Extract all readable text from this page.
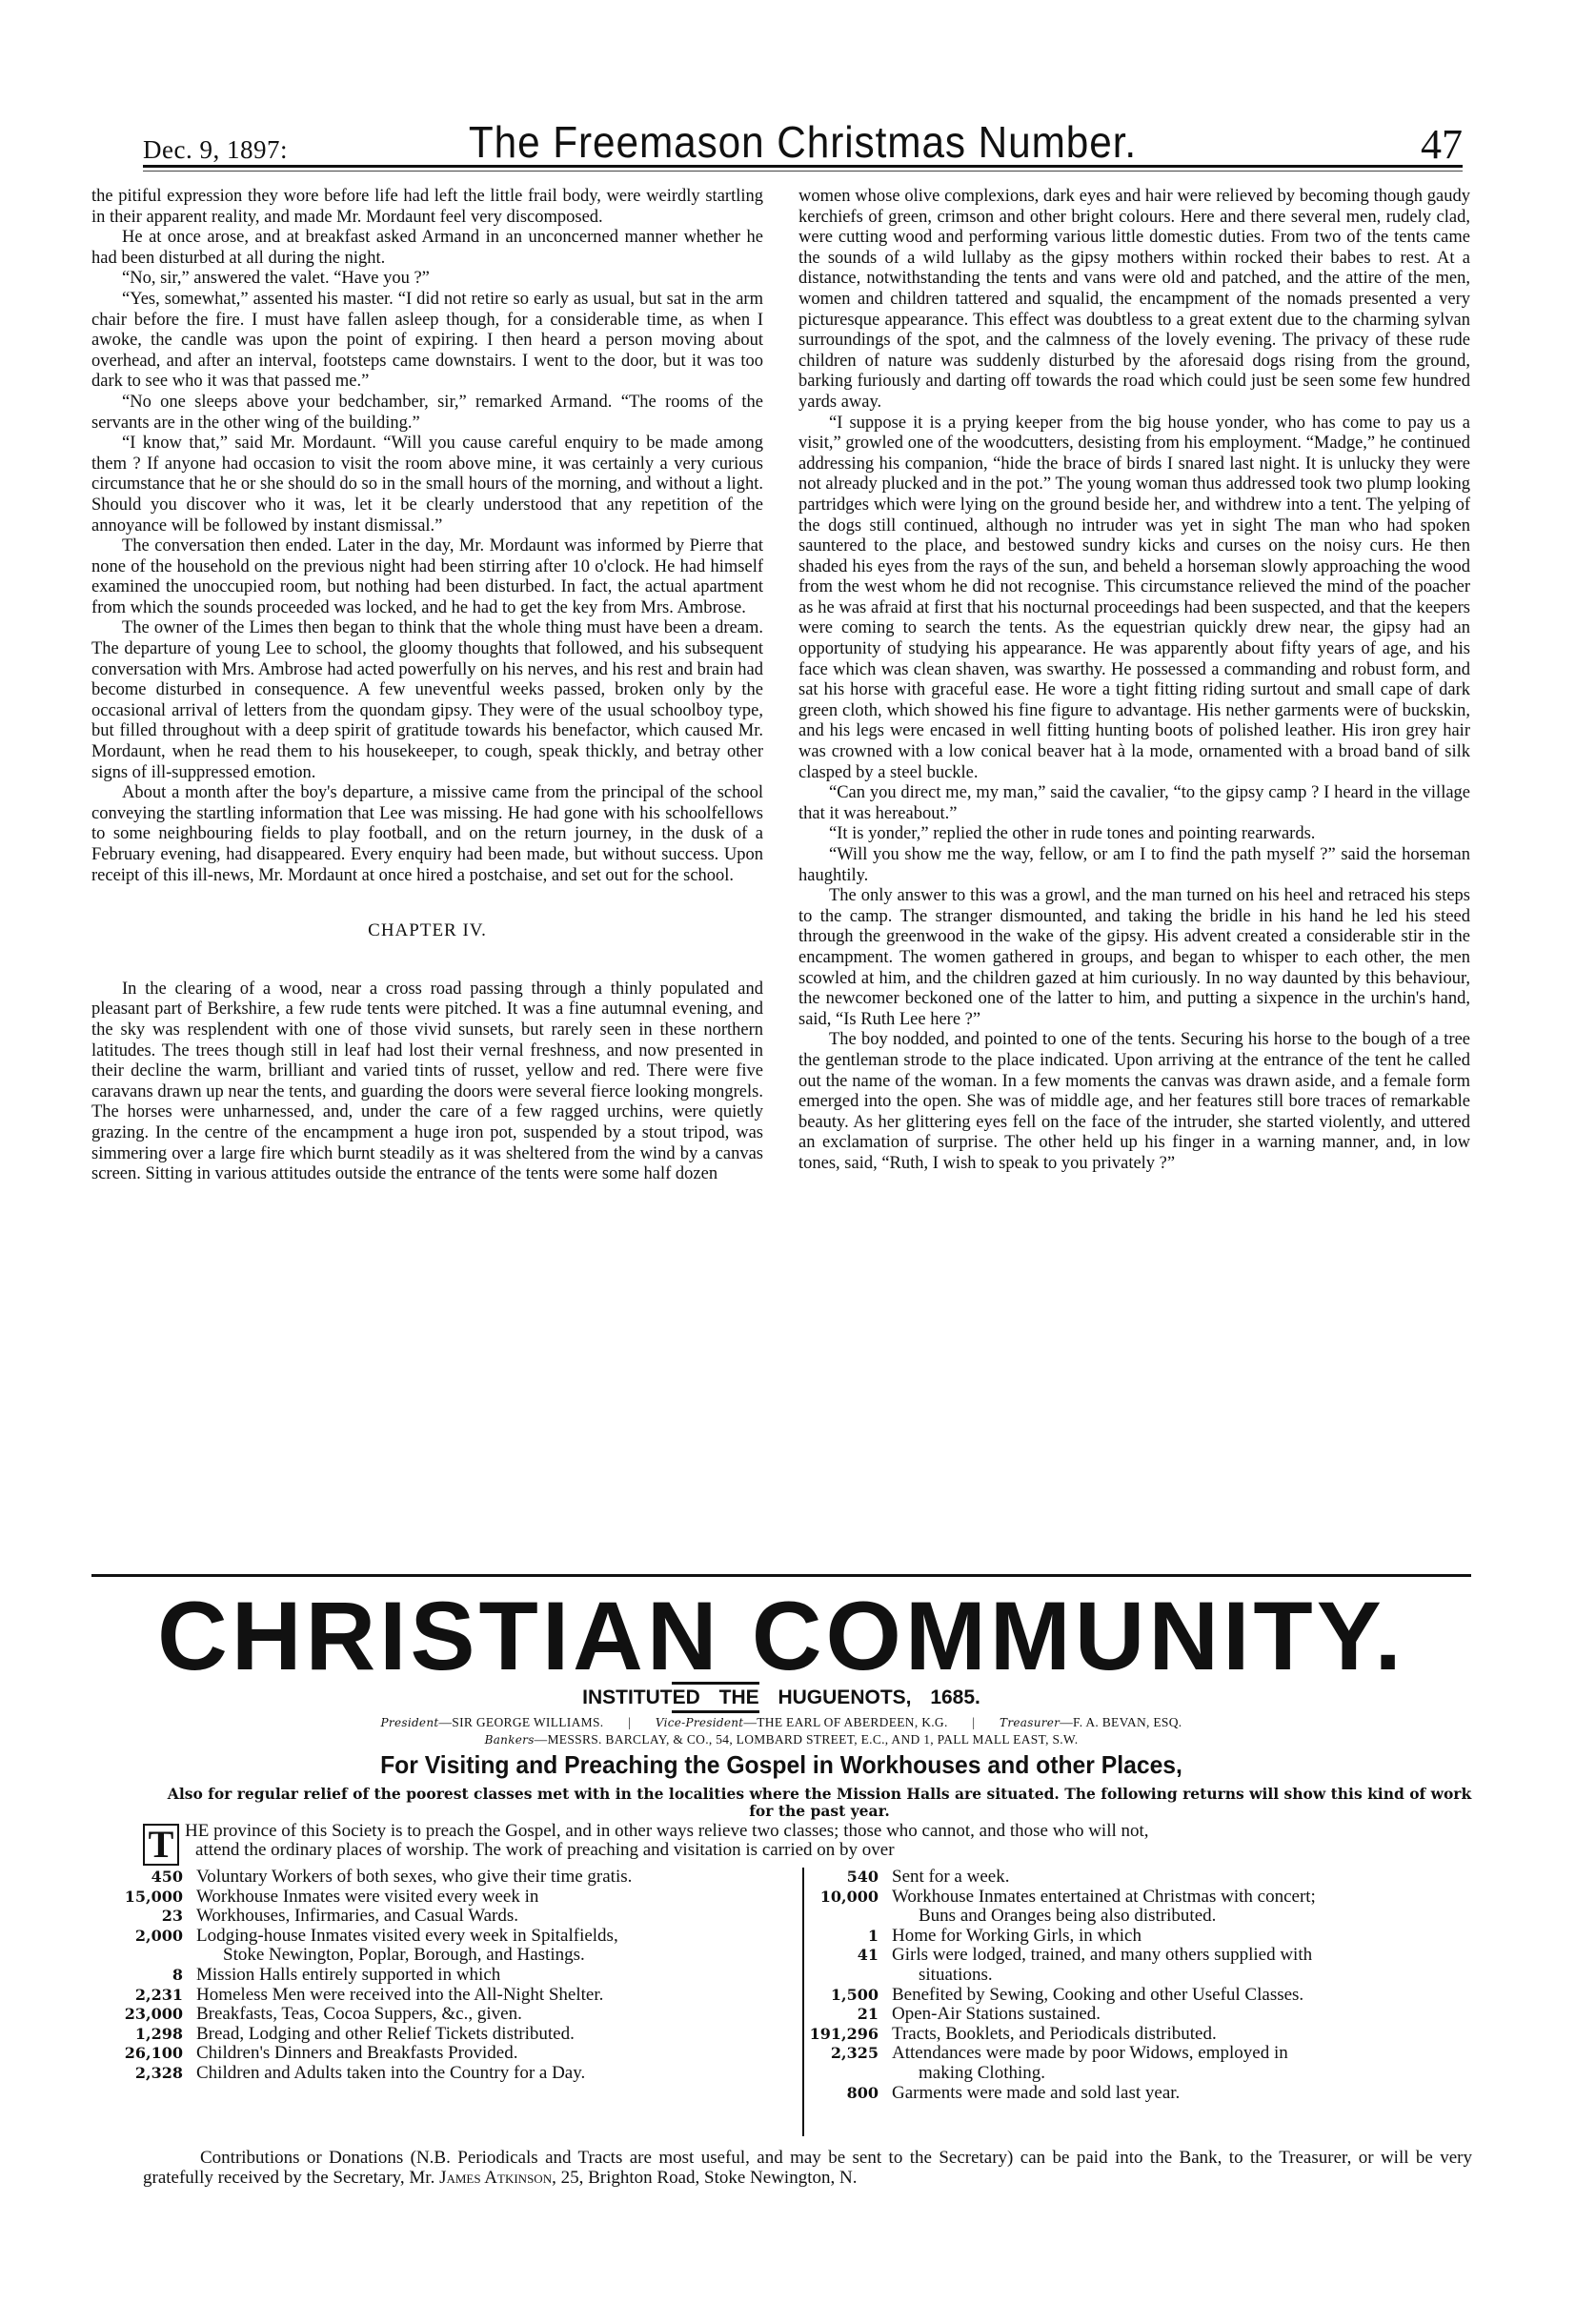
Dec. 9, 1897:	The Freemason Christmas Number.	47

the pitiful expression they wore before life had left the little frail body, were weirdly startling in their apparent reality, and made Mr. Mordaunt feel very discomposed.

He at once arose, and at breakfast asked Armand in an unconcerned manner whether he had been disturbed at all during the night.

“No, sir,” answered the valet. “Have you ?”

“Yes, somewhat,” assented his master. “I did not retire so early as usual, but sat in the arm chair before the fire. I must have fallen asleep though, for a considerable time, as when I awoke, the candle was upon the point of expiring. I then heard a person moving about overhead, and after an interval, footsteps came downstairs. I went to the door, but it was too dark to see who it was that passed me.”

“No one sleeps above your bedchamber, sir,” remarked Armand. “The rooms of the servants are in the other wing of the building.”

“I know that,” said Mr. Mordaunt. “Will you cause careful enquiry to be made among them ? If anyone had occasion to visit the room above mine, it was certainly a very curious circumstance that he or she should do so in the small hours of the morning, and without a light. Should you discover who it was, let it be clearly understood that any repetition of the annoyance will be followed by instant dismissal.”

The conversation then ended. Later in the day, Mr. Mordaunt was informed by Pierre that none of the household on the previous night had been stirring after 10 o'clock. He had himself examined the unoccupied room, but nothing had been disturbed. In fact, the actual apartment from which the sounds proceeded was locked, and he had to get the key from Mrs. Ambrose.

The owner of the Limes then began to think that the whole thing must have been a dream. The departure of young Lee to school, the gloomy thoughts that followed, and his subsequent conversation with Mrs. Ambrose had acted powerfully on his nerves, and his rest and brain had become disturbed in consequence. A few uneventful weeks passed, broken only by the occasional arrival of letters from the quondam gipsy. They were of the usual schoolboy type, but filled throughout with a deep spirit of gratitude towards his benefactor, which caused Mr. Mordaunt, when he read them to his housekeeper, to cough, speak thickly, and betray other signs of ill-suppressed emotion.

About a month after the boy's departure, a missive came from the principal of the school conveying the startling information that Lee was missing. He had gone with his schoolfellows to some neighbouring fields to play football, and on the return journey, in the dusk of a February evening, had disappeared. Every enquiry had been made, but without success. Upon receipt of this ill-news, Mr. Mordaunt at once hired a postchaise, and set out for the school.

CHAPTER IV.

In the clearing of a wood, near a cross road passing through a thinly populated and pleasant part of Berkshire, a few rude tents were pitched. It was a fine autumnal evening, and the sky was resplendent with one of those vivid sunsets, but rarely seen in these northern latitudes. The trees though still in leaf had lost their vernal freshness, and now presented in their decline the warm, brilliant and varied tints of russet, yellow and red. There were five caravans drawn up near the tents, and guarding the doors were several fierce looking mongrels. The horses were unharnessed, and, under the care of a few ragged urchins, were quietly grazing. In the centre of the encampment a huge iron pot, suspended by a stout tripod, was simmering over a large fire which burnt steadily as it was sheltered from the wind by a canvas screen. Sitting in various attitudes outside the entrance of the tents were some half dozen

women whose olive complexions, dark eyes and hair were relieved by becoming though gaudy kerchiefs of green, crimson and other bright colours. Here and there several men, rudely clad, were cutting wood and performing various little domestic duties. From two of the tents came the sounds of a wild lullaby as the gipsy mothers within rocked their babes to rest. At a distance, notwithstanding the tents and vans were old and patched, and the attire of the men, women and children tattered and squalid, the encampment of the nomads presented a very picturesque appearance. This effect was doubtless to a great extent due to the charming sylvan surroundings of the spot, and the calmness of the lovely evening. The privacy of these rude children of nature was suddenly disturbed by the aforesaid dogs rising from the ground, barking furiously and darting off towards the road which could just be seen some few hundred yards away.

“I suppose it is a prying keeper from the big house yonder, who has come to pay us a visit,” growled one of the woodcutters, desisting from his employment. “Madge,” he continued addressing his companion, “hide the brace of birds I snared last night. It is unlucky they were not already plucked and in the pot.” The young woman thus addressed took two plump looking partridges which were lying on the ground beside her, and withdrew into a tent. The yelping of the dogs still continued, although no intruder was yet in sight The man who had spoken sauntered to the place, and bestowed sundry kicks and curses on the noisy curs. He then shaded his eyes from the rays of the sun, and beheld a horseman slowly approaching the wood from the west whom he did not recognise. This circumstance relieved the mind of the poacher as he was afraid at first that his nocturnal proceedings had been suspected, and that the keepers were coming to search the tents. As the equestrian quickly drew near, the gipsy had an opportunity of studying his appearance. He was apparently about fifty years of age, and his face which was clean shaven, was swarthy. He possessed a commanding and robust form, and sat his horse with graceful ease. He wore a tight fitting riding surtout and small cape of dark green cloth, which showed his fine figure to advantage. His nether garments were of buckskin, and his legs were encased in well fitting hunting boots of polished leather. His iron grey hair was crowned with a low conical beaver hat à la mode, ornamented with a broad band of silk clasped by a steel buckle.

“Can you direct me, my man,” said the cavalier, “to the gipsy camp ? I heard in the village that it was hereabout.”

“It is yonder,” replied the other in rude tones and pointing rearwards.

“Will you show me the way, fellow, or am I to find the path myself ?” said the horseman haughtily.

The only answer to this was a growl, and the man turned on his heel and retraced his steps to the camp. The stranger dismounted, and taking the bridle in his hand he led his steed through the greenwood in the wake of the gipsy. His advent created a considerable stir in the encampment. The women gathered in groups, and began to whisper to each other, the men scowled at him, and the children gazed at him curiously. In no way daunted by this behaviour, the newcomer beckoned one of the latter to him, and putting a sixpence in the urchin's hand, said, “Is Ruth Lee here ?”

The boy nodded, and pointed to one of the tents. Securing his horse to the bough of a tree the gentleman strode to the place indicated. Upon arriving at the entrance of the tent he called out the name of the woman. In a few moments the canvas was drawn aside, and a female form emerged into the open. She was of middle age, and her features still bore traces of remarkable beauty. As her glittering eyes fell on the face of the intruder, she started violently, and uttered an exclamation of surprise. The other held up his finger in a warning manner, and, in low tones, said, “Ruth, I wish to speak to you privately ?”

CHRISTIAN COMMUNITY.
INSTITUTED THE HUGUENOTS, 1685.
President—SIR GEORGE WILLIAMS. | Vice-President—THE EARL OF ABERDEEN, K.G. | Treasurer—F. A. BEVAN, ESQ.
Bankers—MESSRS. BARCLAY, & CO., 54, LOMBARD STREET, E.C., AND 1, PALL MALL EAST, S.W.
For Visiting and Preaching the Gospel in Workhouses and other Places,
Also for regular relief of the poorest classes met with in the localities where the Mission Halls are situated. The following returns will show this kind of work for the past year.
T HE province of this Society is to preach the Gospel, and in other ways relieve two classes; those who cannot, and those who will not,
attend the ordinary places of worship. The work of preaching and visitation is carried on by over
450 Voluntary Workers of both sexes, who give their time gratis.
15,000 Workhouse Inmates were visited every week in
23 Workhouses, Infirmaries, and Casual Wards.
2,000 Lodging-house Inmates visited every week in Spitalfields,
Stoke Newington, Poplar, Borough, and Hastings.
8 Mission Halls entirely supported in which
2,231 Homeless Men were received into the All-Night Shelter.
23,000 Breakfasts, Teas, Cocoa Suppers, &c., given.
1,298 Bread, Lodging and other Relief Tickets distributed.
26,100 Children's Dinners and Breakfasts Provided.
2,328 Children and Adults taken into the Country for a Day.
540 Sent for a week.
10,000 Workhouse Inmates entertained at Christmas with concert;
Buns and Oranges being also distributed.
1 Home for Working Girls, in which
41 Girls were lodged, trained, and many others supplied with
situations.
1,500 Benefited by Sewing, Cooking and other Useful Classes.
21 Open-Air Stations sustained.
191,296 Tracts, Booklets, and Periodicals distributed.
2,325 Attendances were made by poor Widows, employed in
making Clothing.
800 Garments were made and sold last year.
Contributions or Donations (N.B. Periodicals and Tracts are most useful, and may be sent to the Secretary) can be paid into the Bank, to the Treasurer, or will be very gratefully received by the Secretary, Mr. James Atkinson, 25, Brighton Road, Stoke Newington, N.
